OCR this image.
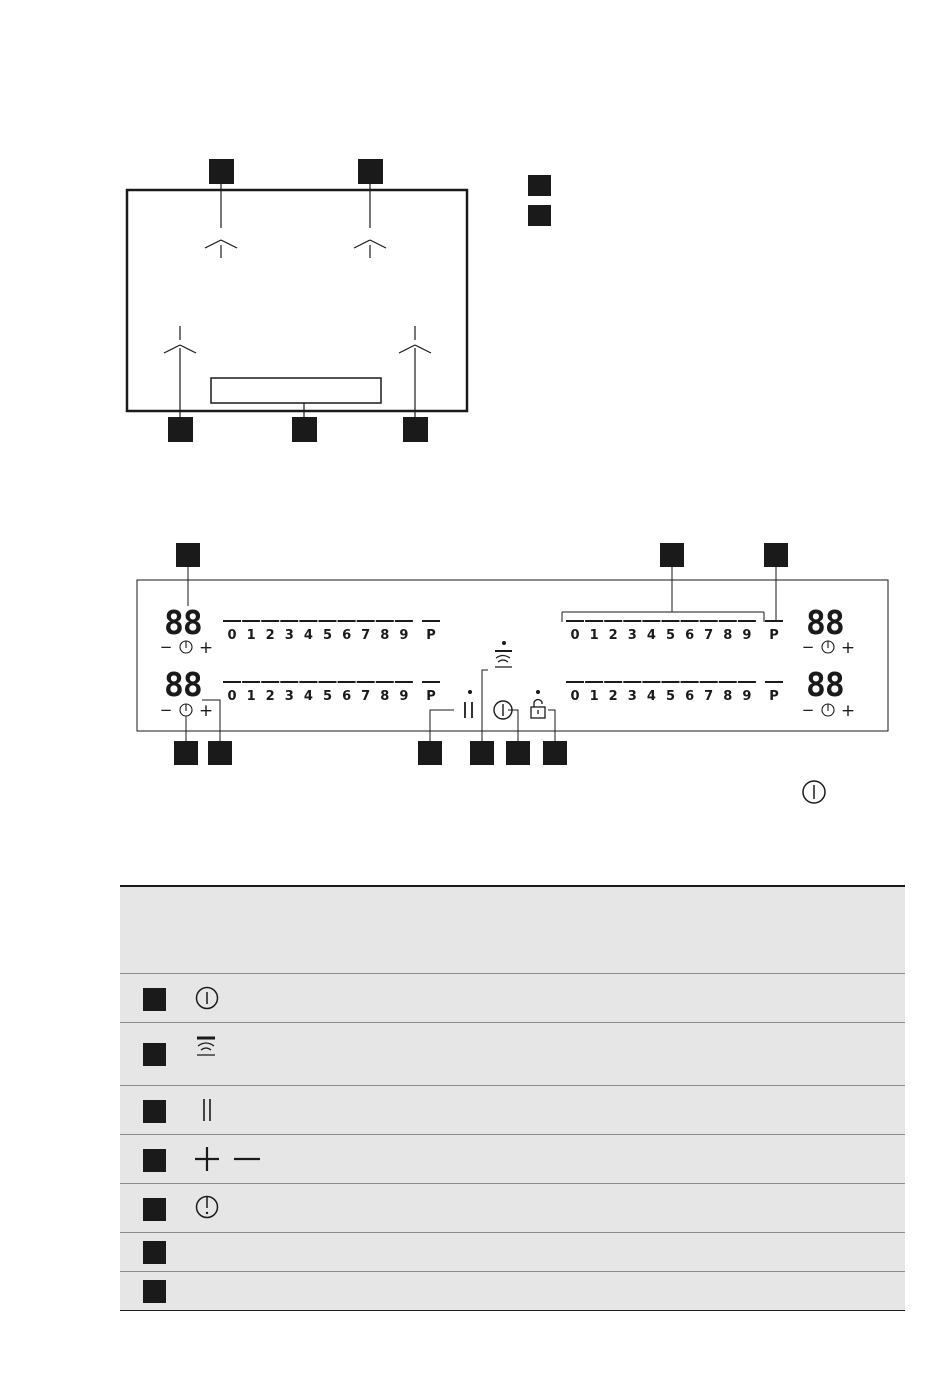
0 1 2 3 4 5 6 7 8 9 P
0 1 2 3 4 5 6 7 8 9 P
0 1 2 3 4 5 6 7 8 9 P
0 1 2 3 4 5 6 7 8 9 P
88
− +
88
− +
88
− +
88
− +
